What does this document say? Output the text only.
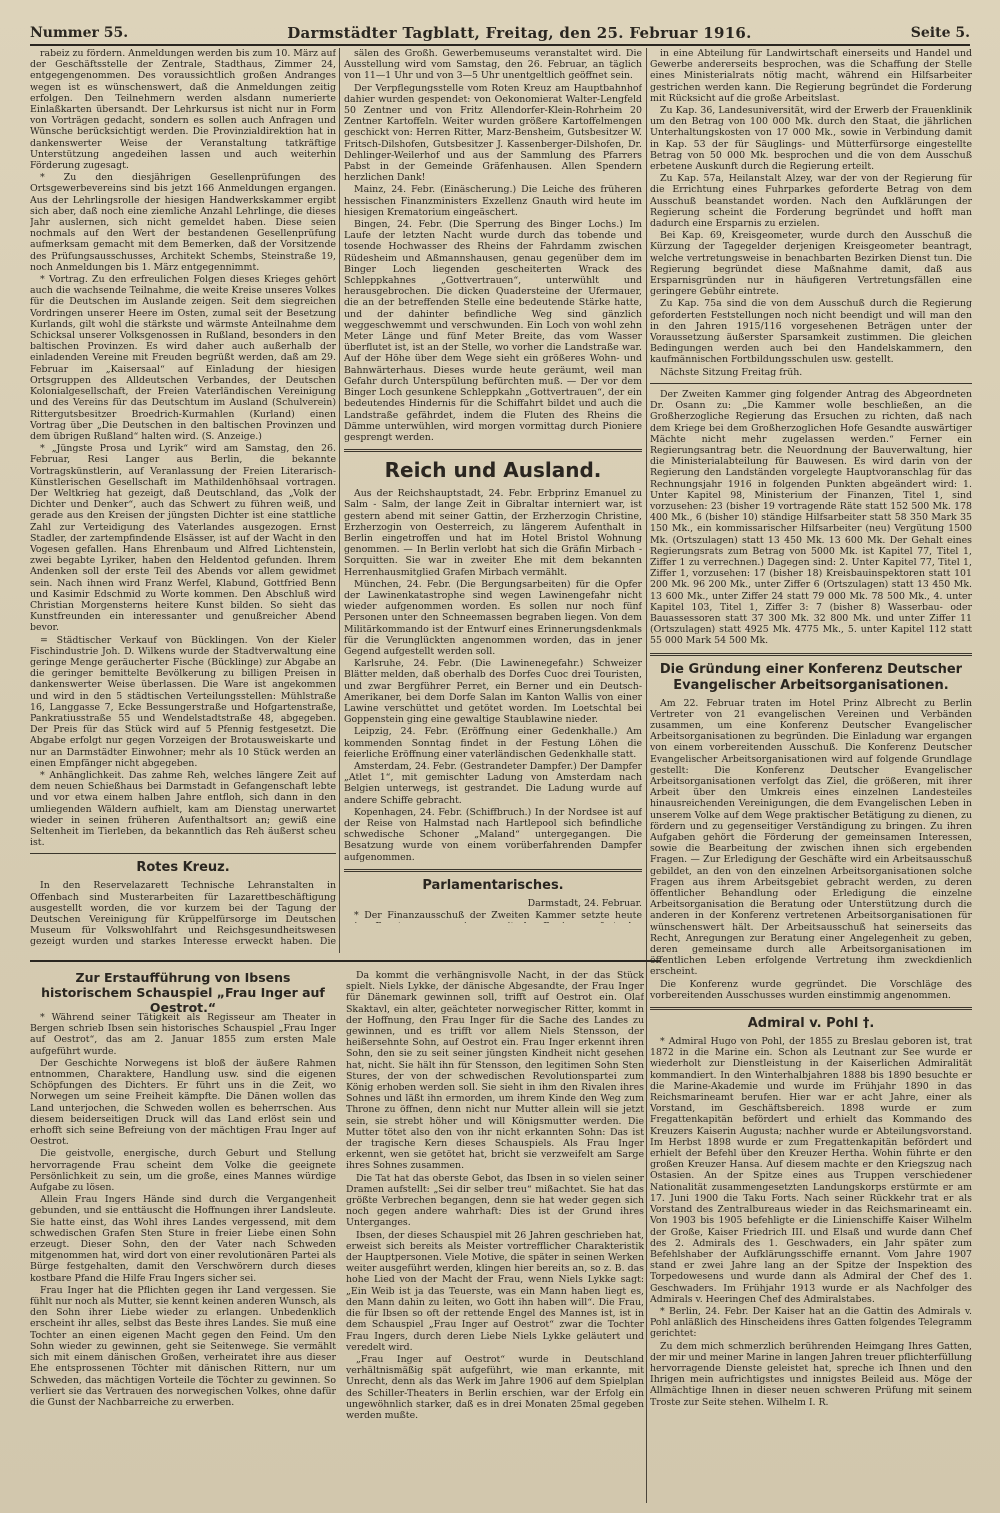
Nummer 55.	Darmstädter Tagblatt, Freitag, den 25. Februar 1916.	Seite 5.

rabeiz zu fördern. Anmeldungen werden bis zum 10. März auf der Geschäftsstelle der Zentrale, Stadthaus, Zimmer 24, entgegengenommen. Des voraussichtlich großen Andranges wegen ist es wünschenswert, daß die Anmeldungen zeitig erfolgen. Den Teilnehmern werden alsdann numerierte Einlaßkarten übersandt. Der Lehrkursus ist nicht nur in Form von Vorträgen gedacht, sondern es sollen auch Anfragen und Wünsche berücksichtigt werden. Die Provinzialdirektion hat in dankenswerter Weise der Veranstaltung tatkräftige Unterstützung angedeihen lassen und auch weiterhin Förderung zugesagt.

* Zu den diesjährigen Gesellenprüfungen des Ortsgewerbevereins sind bis jetzt 166 Anmeldungen ergangen. Aus der Lehrlingsrolle der hiesigen Handwerkskammer ergibt sich aber, daß noch eine ziemliche Anzahl Lehrlinge, die dieses Jahr auslernen, sich nicht gemeldet haben. Diese seien nochmals auf den Wert der bestandenen Gesellenprüfung aufmerksam gemacht mit dem Bemerken, daß der Vorsitzende des Prüfungsausschusses, Architekt Schembs, Steinstraße 19, noch Anmeldungen bis 1. März entgegennimmt.

* Vortrag. Zu den erfreulichen Folgen dieses Krieges gehört auch die wachsende Teilnahme, die weite Kreise unseres Volkes für die Deutschen im Auslande zeigen. Seit dem siegreichen Vordringen unserer Heere im Osten, zumal seit der Besetzung Kurlands, gilt wohl die stärkste und wärmste Anteilnahme dem Schicksal unserer Volksgenossen in Rußland, besonders in den baltischen Provinzen. Es wird daher auch außerhalb der einladenden Vereine mit Freuden begrüßt werden, daß am 29. Februar im „Kaisersaal“ auf Einladung der hiesigen Ortsgruppen des Alldeutschen Verbandes, der Deutschen Kolonialgesellschaft, der Freien Vaterländischen Vereinigung und des Vereins für das Deutschtum im Ausland (Schulverein) Rittergutsbesitzer Broedrich-Kurmahlen (Kurland) einen Vortrag über „Die Deutschen in den baltischen Provinzen und dem übrigen Rußland“ halten wird. (S. Anzeige.)

* „Jüngste Prosa und Lyrik“ wird am Samstag, den 26. Februar, Resi Langer aus Berlin, die bekannte Vortragskünstlerin, auf Veranlassung der Freien Literarisch-Künstlerischen Gesellschaft im Mathildenhöhsaal vortragen. Der Weltkrieg hat gezeigt, daß Deutschland, das „Volk der Dichter und Denker“, auch das Schwert zu führen weiß, und gerade aus den Kreisen der jüngsten Dichter ist eine stattliche Zahl zur Verteidigung des Vaterlandes ausgezogen. Ernst Stadler, der zartempfindende Elsässer, ist auf der Wacht in den Vogesen gefallen. Hans Ehrenbaum und Alfred Lichtenstein, zwei begabte Lyriker, haben den Heldentod gefunden. Ihrem Andenken soll der erste Teil des Abends vor allem gewidmet sein. Nach ihnen wird Franz Werfel, Klabund, Gottfried Benn und Kasimir Edschmid zu Worte kommen. Den Abschluß wird Christian Morgensterns heitere Kunst bilden. So sieht das Kunstfreunden ein interessanter und genußreicher Abend bevor.

= Städtischer Verkauf von Bücklingen. Von der Kieler Fischindustrie Joh. D. Wilkens wurde der Stadtverwaltung eine geringe Menge geräucherter Fische (Bücklinge) zur Abgabe an die geringer bemittelte Bevölkerung zu billigen Preisen in dankenswerter Weise überlassen. Die Ware ist angekommen und wird in den 5 städtischen Verteilungsstellen: Mühlstraße 16, Langgasse 7, Ecke Bessungerstraße und Hofgartenstraße, Pankratiusstraße 55 und Wendelstadtstraße 48, abgegeben. Der Preis für das Stück wird auf 5 Pfennig festgesetzt. Die Abgabe erfolgt nur gegen Vorzeigen der Brotausweiskarte und nur an Darmstädter Einwohner; mehr als 10 Stück werden an einen Empfänger nicht abgegeben.

* Anhänglichkeit. Das zahme Reh, welches längere Zeit auf dem neuen Schießhaus bei Darmstadt in Gefangenschaft lebte und vor etwa einem halben Jahre entfloh, sich dann in den umliegenden Wäldern aufhielt, kam am Dienstag unerwartet wieder in seinen früheren Aufenthaltsort an; gewiß eine Seltenheit im Tierleben, da bekanntlich das Reh äußerst scheu ist.

Rotes Kreuz.

In den Reservelazarett Technische Lehranstalten in Offenbach sind Musterarbeiten für Lazarettbeschäftigung ausgestellt worden, die vor kurzem bei der Tagung der Deutschen Vereinigung für Krüppelfürsorge im Deutschen Museum für Volkswohlfahrt und Reichsgesundheitswesen gezeigt wurden und starkes Interesse erweckt haben. Die

sälen des Großh. Gewerbemuseums veranstaltet wird. Die Ausstellung wird vom Samstag, den 26. Februar, an täglich von 11—1 Uhr und von 3—5 Uhr unentgeltlich geöffnet sein.

Der Verpflegungsstelle vom Roten Kreuz am Hauptbahnhof dahier wurden gespendet: von Oekonomierat Walter-Lengfeld 50 Zentner und von Fritz Allendorfer-Klein-Rohrheim 20 Zentner Kartoffeln. Weiter wurden größere Kartoffelmengen geschickt von: Herren Ritter, Marz-Bensheim, Gutsbesitzer W. Fritsch-Dilshofen, Gutsbesitzer J. Kassenberger-Dilshofen, Dr. Dehlinger-Weilerhof und aus der Sammlung des Pfarrers Pabst in der Gemeinde Gräfenhausen. Allen Spendern herzlichen Dank!

Mainz, 24. Febr. (Einäscherung.) Die Leiche des früheren hessischen Finanzministers Exzellenz Gnauth wird heute im hiesigen Krematorium eingeäschert.

Bingen, 24. Febr. (Die Sperrung des Binger Lochs.) Im Laufe der letzten Nacht wurde durch das tobende und tosende Hochwasser des Rheins der Fahrdamm zwischen Rüdesheim und Aßmannshausen, genau gegenüber dem im Binger Loch liegenden gescheiterten Wrack des Schleppkahnes „Gottvertrauen“, unterwühlt und herausgebrochen. Die dicken Quadersteine der Ufermauer, die an der betreffenden Stelle eine bedeutende Stärke hatte, und der dahinter befindliche Weg sind gänzlich weggeschwemmt und verschwunden. Ein Loch von wohl zehn Meter Länge und fünf Meter Breite, das vom Wasser überflutet ist, ist an der Stelle, wo vorher die Landstraße war. Auf der Höhe über dem Wege sieht ein größeres Wohn- und Bahnwärterhaus. Dieses wurde heute geräumt, weil man Gefahr durch Unterspülung befürchten muß. — Der vor dem Binger Loch gesunkene Schleppkahn „Gottvertrauen“, der ein bedeutendes Hindernis für die Schiffahrt bildet und auch die Landstraße gefährdet, indem die Fluten des Rheins die Dämme unterwühlen, wird morgen vormittag durch Pioniere gesprengt werden.

Reich und Ausland.

Aus der Reichshauptstadt, 24. Febr. Erbprinz Emanuel zu Salm - Salm, der lange Zeit in Gibraltar interniert war, ist gestern abend mit seiner Gattin, der Erzherzogin Christine, Erzherzogin von Oesterreich, zu längerem Aufenthalt in Berlin eingetroffen und hat im Hotel Bristol Wohnung genommen. — In Berlin verlobt hat sich die Gräfin Mirbach - Sorquitten. Sie war in zweiter Ehe mit dem bekannten Herrenhausmitglied Grafen Mirbach vermählt.

München, 24. Febr. (Die Bergungsarbeiten) für die Opfer der Lawinenkatastrophe sind wegen Lawinengefahr nicht wieder aufgenommen worden. Es sollen nur noch fünf Personen unter den Schneemassen begraben liegen. Von dem Militärkommando ist der Entwurf eines Erinnerungsdenkmals für die Verunglückten angenommen worden, das in jener Gegend aufgestellt werden soll.

Karlsruhe, 24. Febr. (Die Lawinenegefahr.) Schweizer Blätter melden, daß oberhalb des Dorfes Cuoc drei Touristen, und zwar Bergführer Perret, ein Berner und ein Deutsch-Amerikaner, bei dem Dorfe Salan im Kanton Wallis von einer Lawine verschüttet und getötet worden. Im Loetschtal bei Goppenstein ging eine gewaltige Staublawine nieder.

Leipzig, 24. Febr. (Eröffnung einer Gedenkhalle.) Am kommenden Sonntag findet in der Festung Löhen die feierliche Eröffnung einer vaterländischen Gedenkhalle statt.

Amsterdam, 24. Febr. (Gestrandeter Dampfer.) Der Dampfer „Atlet 1“, mit gemischter Ladung von Amsterdam nach Belgien unterwegs, ist gestrandet. Die Ladung wurde auf andere Schiffe gebracht.

Kopenhagen, 24. Febr. (Schiffbruch.) In der Nordsee ist auf der Reise von Halmstad nach Hartlepool sich befindliche schwedische Schoner „Maland“ untergegangen. Die Besatzung wurde von einem vorüberfahrenden Dampfer aufgenommen.

Parlamentarisches.

Darmstadt, 24. Februar.

* Der Finanzausschuß der Zweiten Kammer setzte heute

in eine Abteilung für Landwirtschaft einerseits und Handel und Gewerbe andererseits besprochen, was die Schaffung der Stelle eines Ministerialrats nötig macht, während ein Hilfsarbeiter gestrichen werden kann. Die Regierung begründet die Forderung mit Rücksicht auf die große Arbeitslast.

Zu Kap. 36, Landesuniversität, wird der Erwerb der Frauenklinik um den Betrag von 100 000 Mk. durch den Staat, die jährlichen Unterhaltungskosten von 17 000 Mk., sowie in Verbindung damit in Kap. 53 der für Säuglings- und Mütterfürsorge eingestellte Betrag von 50 000 Mk. besprochen und die von dem Ausschuß erbetene Auskunft durch die Regierung erteilt.

Zu Kap. 57a, Heilanstalt Alzey, war der von der Regierung für die Errichtung eines Fuhrparkes geforderte Betrag von dem Ausschuß beanstandet worden. Nach den Aufklärungen der Regierung scheint die Forderung begründet und hofft man dadurch eine Ersparnis zu erzielen.

Bei Kap. 69, Kreisgeometer, wurde durch den Ausschuß die Kürzung der Tagegelder derjenigen Kreisgeometer beantragt, welche vertretungsweise in benachbarten Bezirken Dienst tun. Die Regierung begründet diese Maßnahme damit, daß aus Ersparnisgründen nur in häufigeren Vertretungsfällen eine geringere Gebühr eintrete.

Zu Kap. 75a sind die von dem Ausschuß durch die Regierung geforderten Feststellungen noch nicht beendigt und will man den in den Jahren 1915/116 vorgesehenen Beträgen unter der Voraussetzung äußerster Sparsamkeit zustimmen. Die gleichen Bedingungen werden auch bei den Handelskammern, den kaufmännischen Fortbildungsschulen usw. gestellt.

Nächste Sitzung Freitag früh.

Der Zweiten Kammer ging folgender Antrag des Abgeordneten Dr. Osann zu: „Die Kammer wolle beschließen, an die Großherzogliche Regierung das Ersuchen zu richten, daß nach dem Kriege bei dem Großherzoglichen Hofe Gesandte auswärtiger Mächte nicht mehr zugelassen werden.“ Ferner ein Regierungsantrag betr. die Neuordnung der Bauverwaltung, hier die Ministerialabteilung für Bauwesen. Es wird darin von der Regierung den Landständen vorgelegte Hauptvoranschlag für das Rechnungsjahr 1916 in folgenden Punkten abgeändert wird: 1. Unter Kapitel 98, Ministerium der Finanzen, Titel 1, sind vorzusehen: 23 (bisher 19 vortragende Räte statt 152 500 Mk. 178 400 Mk., 6 (bisher 10) ständige Hilfsarbeiter statt 58 350 Mark 35 150 Mk., ein kommissarischer Hilfsarbeiter (neu) Vergütung 1500 Mk. (Ortszulagen) statt 13 450 Mk. 13 600 Mk. Der Gehalt eines Regierungsrats zum Betrag von 5000 Mk. ist Kapitel 77, Titel 1, Ziffer 1 zu verrechnen.) Dagegen sind: 2. Unter Kapitel 77, Titel 1, Ziffer 1, vorzusehen: 17 (bisher 18) Kreisbauinspektoren statt 101 200 Mk. 96 200 Mk., unter Ziffer 6 (Ortszulagen) statt 13 450 Mk. 13 600 Mk., unter Ziffer 24 statt 79 000 Mk. 78 500 Mk., 4. unter Kapitel 103, Titel 1, Ziffer 3: 7 (bisher 8) Wasserbau- oder Bauassessoren statt 37 300 Mk. 32 800 Mk. und unter Ziffer 11 (Ortszulagen) statt 4925 Mk. 4775 Mk., 5. unter Kapitel 112 statt 55 000 Mark 54 500 Mk.

Die Gründung einer Konferenz Deutscher Evangelischer Arbeitsorganisationen.

Am 22. Februar traten im Hotel Prinz Albrecht zu Berlin Vertreter von 21 evangelischen Vereinen und Verbänden zusammen, um eine Konferenz Deutscher Evangelischer Arbeitsorganisationen zu begründen. Die Einladung war ergangen von einem vorbereitenden Ausschuß. Die Konferenz Deutscher Evangelischer Arbeitsorganisationen wird auf folgende Grundlage gestellt: Die Konferenz Deutscher Evangelischer Arbeitsorganisationen verfolgt das Ziel, die größeren, mit ihrer Arbeit über den Umkreis eines einzelnen Landesteiles hinausreichenden Vereinigungen, die dem Evangelischen Leben in unserem Volke auf dem Wege praktischer Betätigung zu dienen, zu fördern und zu gegenseitiger Verständigung zu bringen. Zu ihren Aufgaben gehört die Förderung der gemeinsamen Interessen, sowie die Bearbeitung der zwischen ihnen sich ergebenden Fragen. — Zur Erledigung der Geschäfte wird ein Arbeitsausschuß gebildet, an den von den einzelnen Arbeitsorganisationen solche Fragen aus ihrem Arbeitsgebiet gebracht werden, zu deren öffentlicher Behandlung oder Erledigung die einzelne Arbeitsorganisation die Beratung oder Unterstützung durch die anderen in der Konferenz vertretenen Arbeitsorganisationen für wünschenswert hält. Der Arbeitsausschuß hat seinerseits das Recht, Anregungen zur Beratung einer Angelegenheit zu geben, deren gemeinsame durch alle Arbeitsorganisationen im öffentlichen Leben erfolgende Vertretung ihm zweckdienlich erscheint.

Die Konferenz wurde gegründet. Die Vorschläge des vorbereitenden Ausschusses wurden einstimmig angenommen.

Admiral v. Pohl †.

* Admiral Hugo von Pohl, der 1855 zu Breslau geboren ist, trat 1872 in die Marine ein. Schon als Leutnant zur See wurde er wiederholt zur Dienstleistung in der Kaiserlichen Admiralität kommandiert. In den Winterhalbjahren 1888 bis 1890 besuchte er die Marine-Akademie und wurde im Frühjahr 1890 in das Reichsmarineamt berufen. Hier war er acht Jahre, einer als Vorstand, im Geschäftsbereich. 1898 wurde er zum Fregattenkapitän befördert und erhielt das Kommando des Kreuzers Kaiserin Augusta; nachher wurde er Abteilungsvorstand. Im Herbst 1898 wurde er zum Fregattenkapitän befördert und erhielt der Befehl über den Kreuzer Hertha. Wohin führte er den großen Kreuzer Hansa. Auf diesem machte er den Kriegszug nach Ostasien. An der Spitze eines aus Truppen verschiedener Nationalität zusammengesetzten Landungskorps erstürmte er am 17. Juni 1900 die Taku Forts. Nach seiner Rückkehr trat er als Vorstand des Zentralbureaus wieder in das Reichsmarineamt ein. Von 1903 bis 1905 befehligte er die Linienschiffe Kaiser Wilhelm der Große, Kaiser Friedrich III. und Elsaß und wurde dann Chef des 2. Admirals des 1. Geschwaders, ein Jahr später zum Befehlshaber der Aufklärungsschiffe ernannt. Vom Jahre 1907 stand er zwei Jahre lang an der Spitze der Inspektion des Torpedowesens und wurde dann als Admiral der Chef des 1. Geschwaders. Im Frühjahr 1913 wurde er als Nachfolger des Admirals v. Heeringen Chef des Admiralstabes.

* Berlin, 24. Febr. Der Kaiser hat an die Gattin des Admirals v. Pohl anläßlich des Hinscheidens ihres Gatten folgendes Telegramm gerichtet:

Zu dem mich schmerzlich berührenden Heimgang Ihres Gatten, der mir und meiner Marine in langen Jahren treuer pflichterfüllung hervorragende Dienste geleistet hat, spreche ich Ihnen und den Ihrigen mein aufrichtigstes und innigstes Beileid aus. Möge der Allmächtige Ihnen in dieser neuen schweren Prüfung mit seinem Troste zur Seite stehen. Wilhelm I. R.

Zur Erstaufführung von Ibsens historischem Schauspiel „Frau Inger auf Oestrot.“

* Während seiner Tätigkeit als Regisseur am Theater in Bergen schrieb Ibsen sein historisches Schauspiel „Frau Inger auf Oestrot“, das am 2. Januar 1855 zum ersten Male aufgeführt wurde.

Der Geschichte Norwegens ist bloß der äußere Rahmen entnommen, Charaktere, Handlung usw. sind die eigenen Schöpfungen des Dichters. Er führt uns in die Zeit, wo Norwegen um seine Freiheit kämpfte. Die Dänen wollen das Land unterjochen, die Schweden wollen es beherrschen. Aus diesem beiderseitigen Druck will das Land erlöst sein und erhofft sich seine Befreiung von der mächtigen Frau Inger auf Oestrot.

Die geistvolle, energische, durch Geburt und Stellung hervorragende Frau scheint dem Volke die geeignete Persönlichkeit zu sein, um die große, eines Mannes würdige Aufgabe zu lösen.

Allein Frau Ingers Hände sind durch die Vergangenheit gebunden, und sie enttäuscht die Hoffnungen ihrer Landsleute. Sie hatte einst, das Wohl ihres Landes vergessend, mit dem schwedischen Grafen Sten Sture in freier Liebe einen Sohn erzeugt. Dieser Sohn, den der Vater nach Schweden mitgenommen hat, wird dort von einer revolutionären Partei als Bürge festgehalten, damit den Verschwörern durch dieses kostbare Pfand die Hilfe Frau Ingers sicher sei.

Frau Inger hat die Pflichten gegen ihr Land vergessen. Sie fühlt nur noch als Mutter, sie kennt keinen anderen Wunsch, als den Sohn ihrer Liebe wieder zu erlangen. Unbedenklich erscheint ihr alles, selbst das Beste ihres Landes. Sie muß eine Tochter an einen eigenen Macht gegen den Feind. Um den Sohn wieder zu gewinnen, geht sie Seitenwege. Sie vermählt sich mit einem dänischen Großen, verheiratet ihre aus dieser Ehe entsprossenen Töchter mit dänischen Rittern, nur um Schweden, das mächtigen Vorteile die Töchter zu gewinnen. So verliert sie das Vertrauen des norwegischen Volkes, ohne dafür die Gunst der Nachbarreiche zu erwerben.

Da kommt die verhängnisvolle Nacht, in der das Stück spielt. Niels Lykke, der dänische Abgesandte, der Frau Inger für Dänemark gewinnen soll, trifft auf Oestrot ein. Olaf Skaktavl, ein alter, geächteter norwegischer Ritter, kommt in der Hoffnung, den Frau Inger für die Sache des Landes zu gewinnen, und es trifft vor allem Niels Stensson, der heißersehnte Sohn, auf Oestrot ein. Frau Inger erkennt ihren Sohn, den sie zu seit seiner jüngsten Kindheit nicht gesehen hat, nicht. Sie hält ihn für Stensson, den legitimen Sohn Sten Stures, der von der schwedischen Revolutionspartei zum König erhoben werden soll. Sie sieht in ihm den Rivalen ihres Sohnes und läßt ihn ermorden, um ihrem Kinde den Weg zum Throne zu öffnen, denn nicht nur Mutter allein will sie jetzt sein, sie strebt höher und will Königsmutter werden. Die Mutter tötet also den von ihr nicht erkannten Sohn: Das ist der tragische Kern dieses Schauspiels. Als Frau Inger erkennt, wen sie getötet hat, bricht sie verzweifelt am Sarge ihres Sohnes zusammen.

Die Tat hat das oberste Gebot, das Ibsen in so vielen seiner Dramen aufstellt: „Sei dir selber treu“ mißachtet. Sie hat das größte Verbrechen begangen, denn sie hat weder gegen sich noch gegen andere wahrhaft: Dies ist der Grund ihres Unterganges.

Ibsen, der dieses Schauspiel mit 26 Jahren geschrieben hat, erweist sich bereits als Meister vortrefflicher Charakteristik der Hauptpersonen. Viele Motive, die später in seinen Werken weiter ausgeführt werden, klingen hier bereits an, so z. B. das hohe Lied von der Macht der Frau, wenn Niels Lykke sagt: „Ein Weib ist ja das Teuerste, was ein Mann haben liegt es, den Mann dahin zu leiten, wo Gott ihn haben will“. Die Frau, die für Ibsen so oft der rettende Engel des Mannes ist, ist in dem Schauspiel „Frau Inger auf Oestrot“ zwar die Tochter Frau Ingers, durch deren Liebe Niels Lykke geläutert und veredelt wird.

„Frau Inger auf Oestrot“ wurde in Deutschland verhältnismäßig spät aufgeführt, wie man erkannte, mit Unrecht, denn als das Werk im Jahre 1906 auf dem Spielplan des Schiller-Theaters in Berlin erschien, war der Erfolg ein ungewöhnlich starker, daß es in drei Monaten 25mal gegeben werden mußte.
